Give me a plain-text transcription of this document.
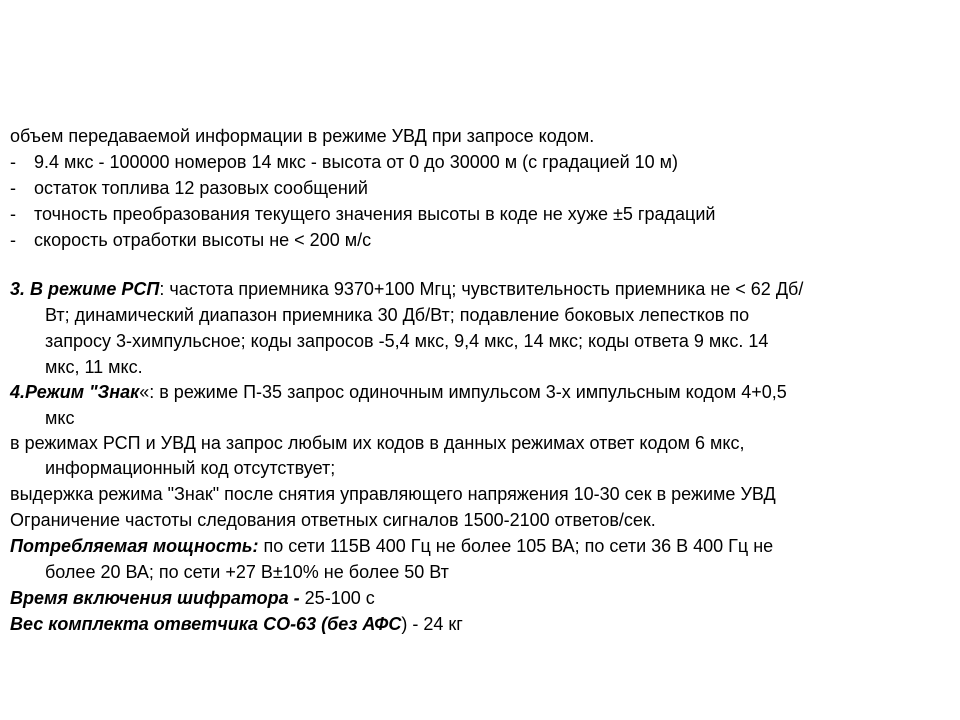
объем передаваемой информации в режиме УВД при запросе кодом.
- 9.4 мкс - 100000 номеров 14 мкс - высота от 0 до 30000 м (с градацией 10 м)
- остаток топлива 12 разовых сообщений
- точность преобразования текущего значения высоты в коде не хуже ±5 градаций
- скорость отработки высоты не < 200 м/с
3. В режиме РСП: частота приемника 9370+100 Мгц; чувствительность приемника не < 62 Дб/
Вт; динамический диапазон приемника 30 Дб/Вт; подавление боковых лепестков по
запросу 3-химпульсное; коды запросов -5,4 мкс, 9,4 мкс, 14 мкс; коды ответа 9 мкс. 14
мкс, 11 мкс.
4.Режим "Знак«: в режиме П-35 запрос одиночным импульсом 3-х импульсным кодом 4+0,5
мкс
в режимах РСП и УВД на запрос любым их кодов в данных режимах ответ кодом 6 мкс,
информационный код отсутствует;
выдержка режима "Знак" после снятия управляющего напряжения 10-30 сек в режиме УВД
Ограничение частоты следования ответных сигналов 1500-2100 ответов/сек.
Потребляемая мощность: по сети 115В 400 Гц не более 105 ВА; по сети 36 В 400 Гц не
более 20 ВА; по сети +27 В±10% не более 50 Вт
Время включения шифратора - 25-100 с
Вес комплекта ответчика СО-63 (без АФС) - 24 кг
